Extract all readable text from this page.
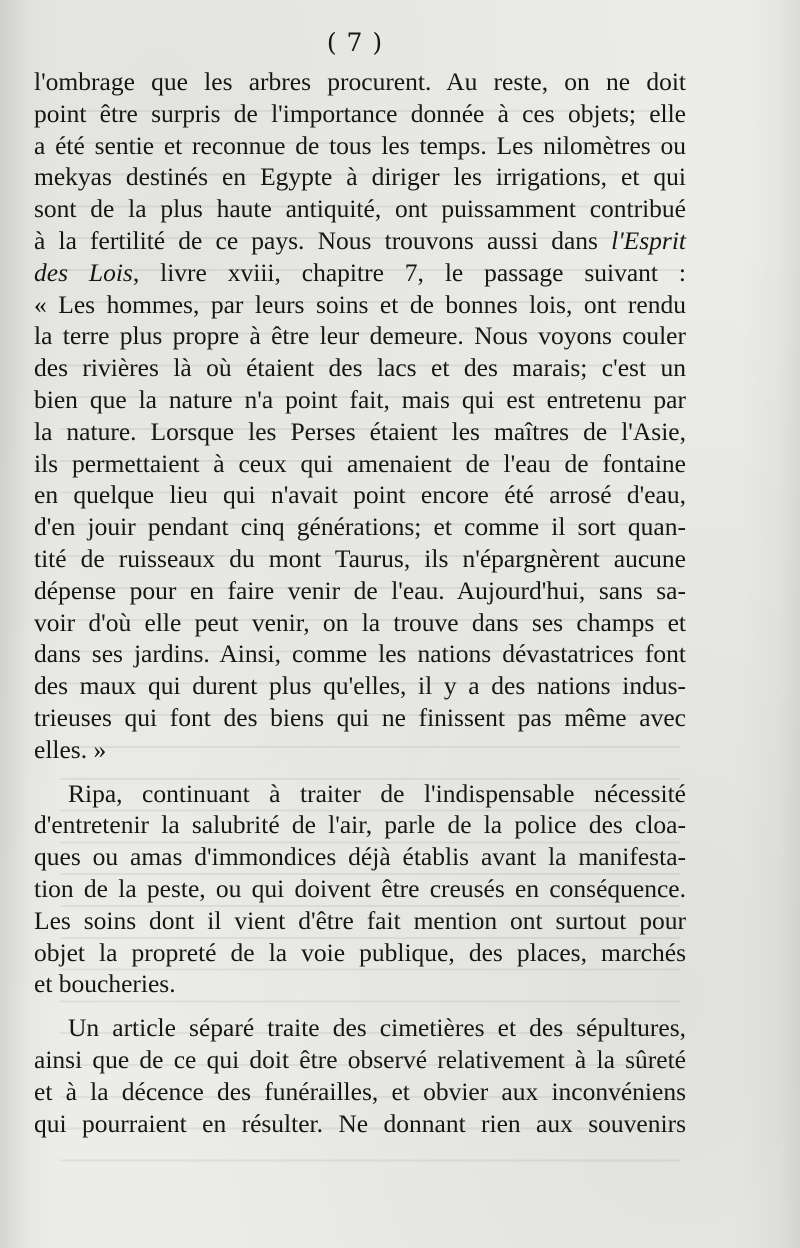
( 7 )
l'ombrage que les arbres procurent. Au reste, on ne doit
point être surpris de l'importance donnée à ces objets; elle
a été sentie et reconnue de tous les temps. Les nilomètres ou
mekyas destinés en Egypte à diriger les irrigations, et qui
sont de la plus haute antiquité, ont puissamment contribué
à la fertilité de ce pays. Nous trouvons aussi dans l'Esprit
des Lois, livre xviii, chapitre 7, le passage suivant :
« Les hommes, par leurs soins et de bonnes lois, ont rendu
la terre plus propre à être leur demeure. Nous voyons couler
des rivières là où étaient des lacs et des marais; c'est un
bien que la nature n'a point fait, mais qui est entretenu par
la nature. Lorsque les Perses étaient les maîtres de l'Asie,
ils permettaient à ceux qui amenaient de l'eau de fontaine
en quelque lieu qui n'avait point encore été arrosé d'eau,
d'en jouir pendant cinq générations; et comme il sort quan-
tité de ruisseaux du mont Taurus, ils n'épargnèrent aucune
dépense pour en faire venir de l'eau. Aujourd'hui, sans sa-
voir d'où elle peut venir, on la trouve dans ses champs et
dans ses jardins. Ainsi, comme les nations dévastatrices font
des maux qui durent plus qu'elles, il y a des nations indus-
trieuses qui font des biens qui ne finissent pas même avec
elles. »
Ripa, continuant à traiter de l'indispensable nécessité
d'entretenir la salubrité de l'air, parle de la police des cloa-
ques ou amas d'immondices déjà établis avant la manifesta-
tion de la peste, ou qui doivent être creusés en conséquence.
Les soins dont il vient d'être fait mention ont surtout pour
objet la propreté de la voie publique, des places, marchés
et boucheries.
Un article séparé traite des cimetières et des sépultures,
ainsi que de ce qui doit être observé relativement à la sûreté
et à la décence des funérailles, et obvier aux inconvéniens
qui pourraient en résulter. Ne donnant rien aux souvenirs
